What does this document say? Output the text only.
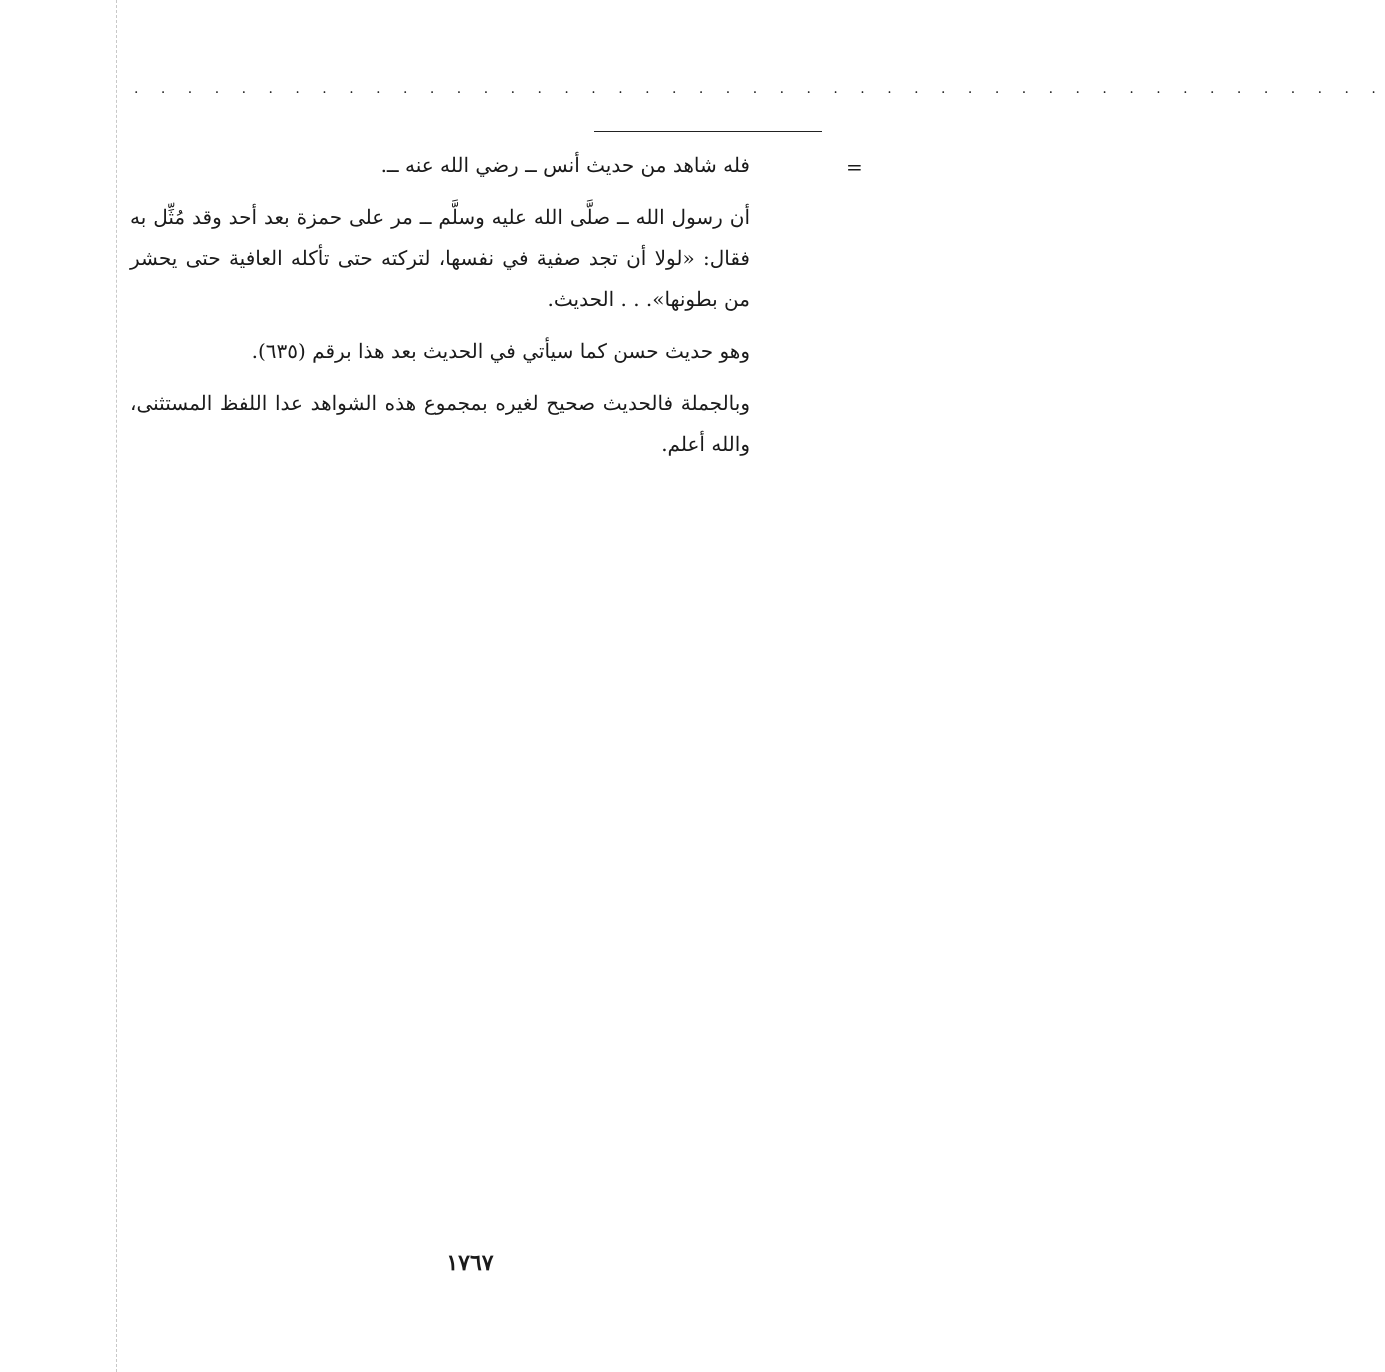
· · · · · · · · · · · · · · · · · · · · · · · · · · · · · · · · · · · · · · · · · · · · · · ·
=

فله شاهد من حديث أنس ــ رضي الله عنه ــ.

أن رسول الله ــ صلَّى الله عليه وسلَّم ــ مر على حمزة بعد أحد وقد مُثِّل به فقال: «لولا أن تجد صفية في نفسها، لتركته حتى تأكله العافية حتى يحشر من بطونها». . . الحديث.

وهو حديث حسن كما سيأتي في الحديث بعد هذا برقم (٦٣٥).

وبالجملة فالحديث صحيح لغيره بمجموع هذه الشواهد عدا اللفظ المستثنى، والله أعلم.

١٧٦٧
